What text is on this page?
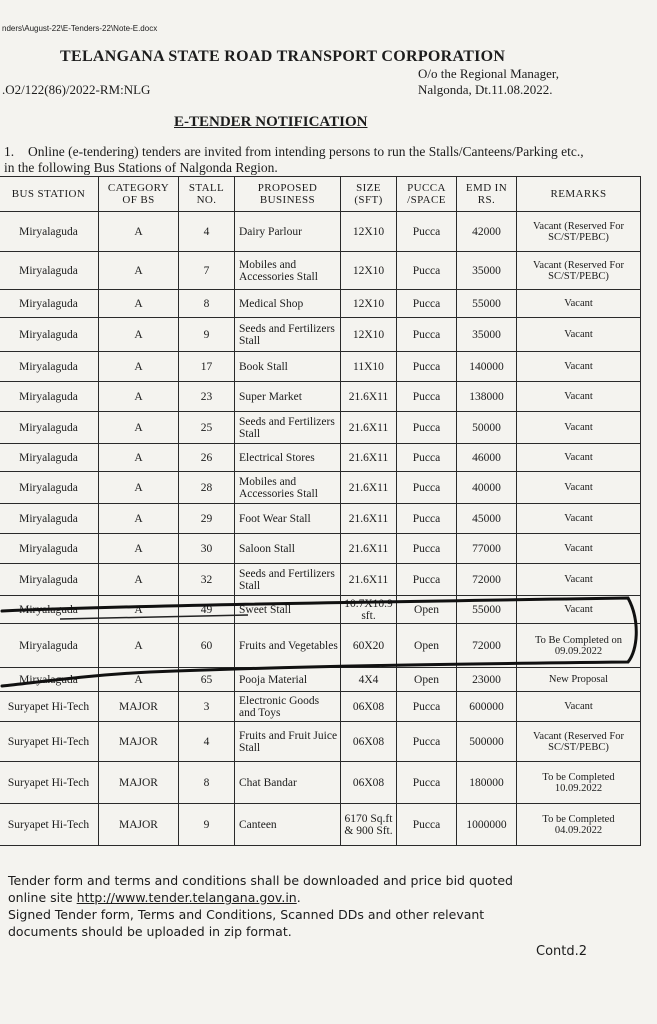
nders\August-22\E-Tenders-22\Note-E.docx
TELANGANA STATE ROAD TRANSPORT CORPORATION
.O2/122(86)/2022-RM:NLG
O/o the Regional Manager,
Nalgonda, Dt.11.08.2022.
E-TENDER NOTIFICATION
1. Online (e-tendering) tenders are invited from intending persons to run the Stalls/Canteens/Parking etc., in the following Bus Stations of Nalgonda Region.
BUS STATION	CATEGORY OF BS	STALL NO.	PROPOSED BUSINESS	SIZE (SFT)	PUCCA /SPACE	EMD IN RS.	REMARKS
Miryalaguda	A	4	Dairy Parlour	12X10	Pucca	42000	Vacant (Reserved For SC/ST/PEBC)
Miryalaguda	A	7	Mobiles and Accessories Stall	12X10	Pucca	35000	Vacant (Reserved For SC/ST/PEBC)
Miryalaguda	A	8	Medical Shop	12X10	Pucca	55000	Vacant
Miryalaguda	A	9	Seeds and Fertilizers Stall	12X10	Pucca	35000	Vacant
Miryalaguda	A	17	Book Stall	11X10	Pucca	140000	Vacant
Miryalaguda	A	23	Super Market	21.6X11	Pucca	138000	Vacant
Miryalaguda	A	25	Seeds and Fertilizers Stall	21.6X11	Pucca	50000	Vacant
Miryalaguda	A	26	Electrical Stores	21.6X11	Pucca	46000	Vacant
Miryalaguda	A	28	Mobiles and Accessories Stall	21.6X11	Pucca	40000	Vacant
Miryalaguda	A	29	Foot Wear Stall	21.6X11	Pucca	45000	Vacant
Miryalaguda	A	30	Saloon Stall	21.6X11	Pucca	77000	Vacant
Miryalaguda	A	32	Seeds and Fertilizers Stall	21.6X11	Pucca	72000	Vacant
Miryalaguda	A	49	Sweet Stall	10.7X10.9 sft.	Open	55000	Vacant
Miryalaguda	A	60	Fruits and Vegetables	60X20	Open	72000	To Be Completed on 09.09.2022
Miryalaguda	A	65	Pooja Material	4X4	Open	23000	New Proposal
Suryapet Hi-Tech	MAJOR	3	Electronic Goods and Toys	06X08	Pucca	600000	Vacant
Suryapet Hi-Tech	MAJOR	4	Fruits and Fruit Juice Stall	06X08	Pucca	500000	Vacant (Reserved For SC/ST/PEBC)
Suryapet Hi-Tech	MAJOR	8	Chat Bandar	06X08	Pucca	180000	To be Completed 10.09.2022
Suryapet Hi-Tech	MAJOR	9	Canteen	6170 Sq.ft & 900 Sft.	Pucca	1000000	To be Completed 04.09.2022
Tender form and terms and conditions shall be downloaded and price bid quoted
online site http://www.tender.telangana.gov.in.
Signed Tender form, Terms and Conditions, Scanned DDs and other relevant
documents should be uploaded in zip format.
Contd.2
